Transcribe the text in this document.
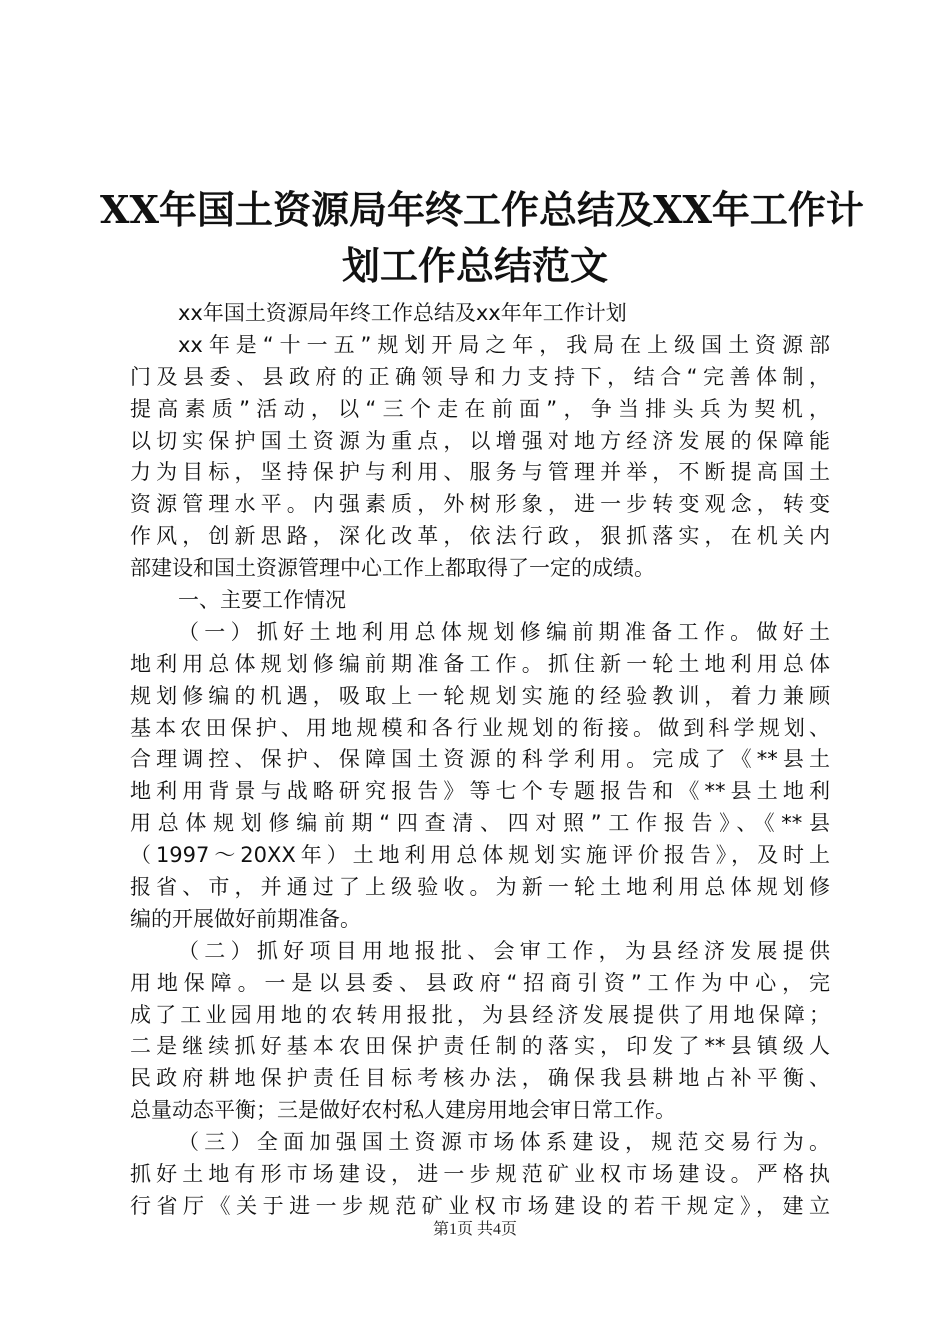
XX年国土资源局年终工作总结及XX年工作计
划工作总结范文
xx年国土资源局年终工作总结及xx年年工作计划
xx年是“十一五”规划开局之年，我局在上级国土资源部
门及县委、县政府的正确领导和力支持下，结合“完善体制，
提高素质”活动，以“三个走在前面”，争当排头兵为契机，
以切实保护国土资源为重点，以增强对地方经济发展的保障能
力为目标，坚持保护与利用、服务与管理并举，不断提高国土
资源管理水平。内强素质，外树形象，进一步转变观念，转变
作风，创新思路，深化改革，依法行政，狠抓落实，在机关内
部建设和国土资源管理中心工作上都取得了一定的成绩。
一、主要工作情况
（一）抓好土地利用总体规划修编前期准备工作。做好土
地利用总体规划修编前期准备工作。抓住新一轮土地利用总体
规划修编的机遇，吸取上一轮规划实施的经验教训，着力兼顾
基本农田保护、用地规模和各行业规划的衔接。做到科学规划、
合理调控、保护、保障国土资源的科学利用。完成了《**县土
地利用背景与战略研究报告》等七个专题报告和《**县土地利
用总体规划修编前期“四查清、四对照”工作报告》、《**县
（1997～20XX年）土地利用总体规划实施评价报告》，及时上
报省、市，并通过了上级验收。为新一轮土地利用总体规划修
编的开展做好前期准备。
（二）抓好项目用地报批、会审工作，为县经济发展提供
用地保障。一是以县委、县政府“招商引资”工作为中心，完
成了工业园用地的农转用报批，为县经济发展提供了用地保障；
二是继续抓好基本农田保护责任制的落实，印发了**县镇级人
民政府耕地保护责任目标考核办法，确保我县耕地占补平衡、
总量动态平衡；三是做好农村私人建房用地会审日常工作。
（三）全面加强国土资源市场体系建设，规范交易行为。
抓好土地有形市场建设，进一步规范矿业权市场建设。严格执
行省厅《关于进一步规范矿业权市场建设的若干规定》，建立
第1页 共4页
